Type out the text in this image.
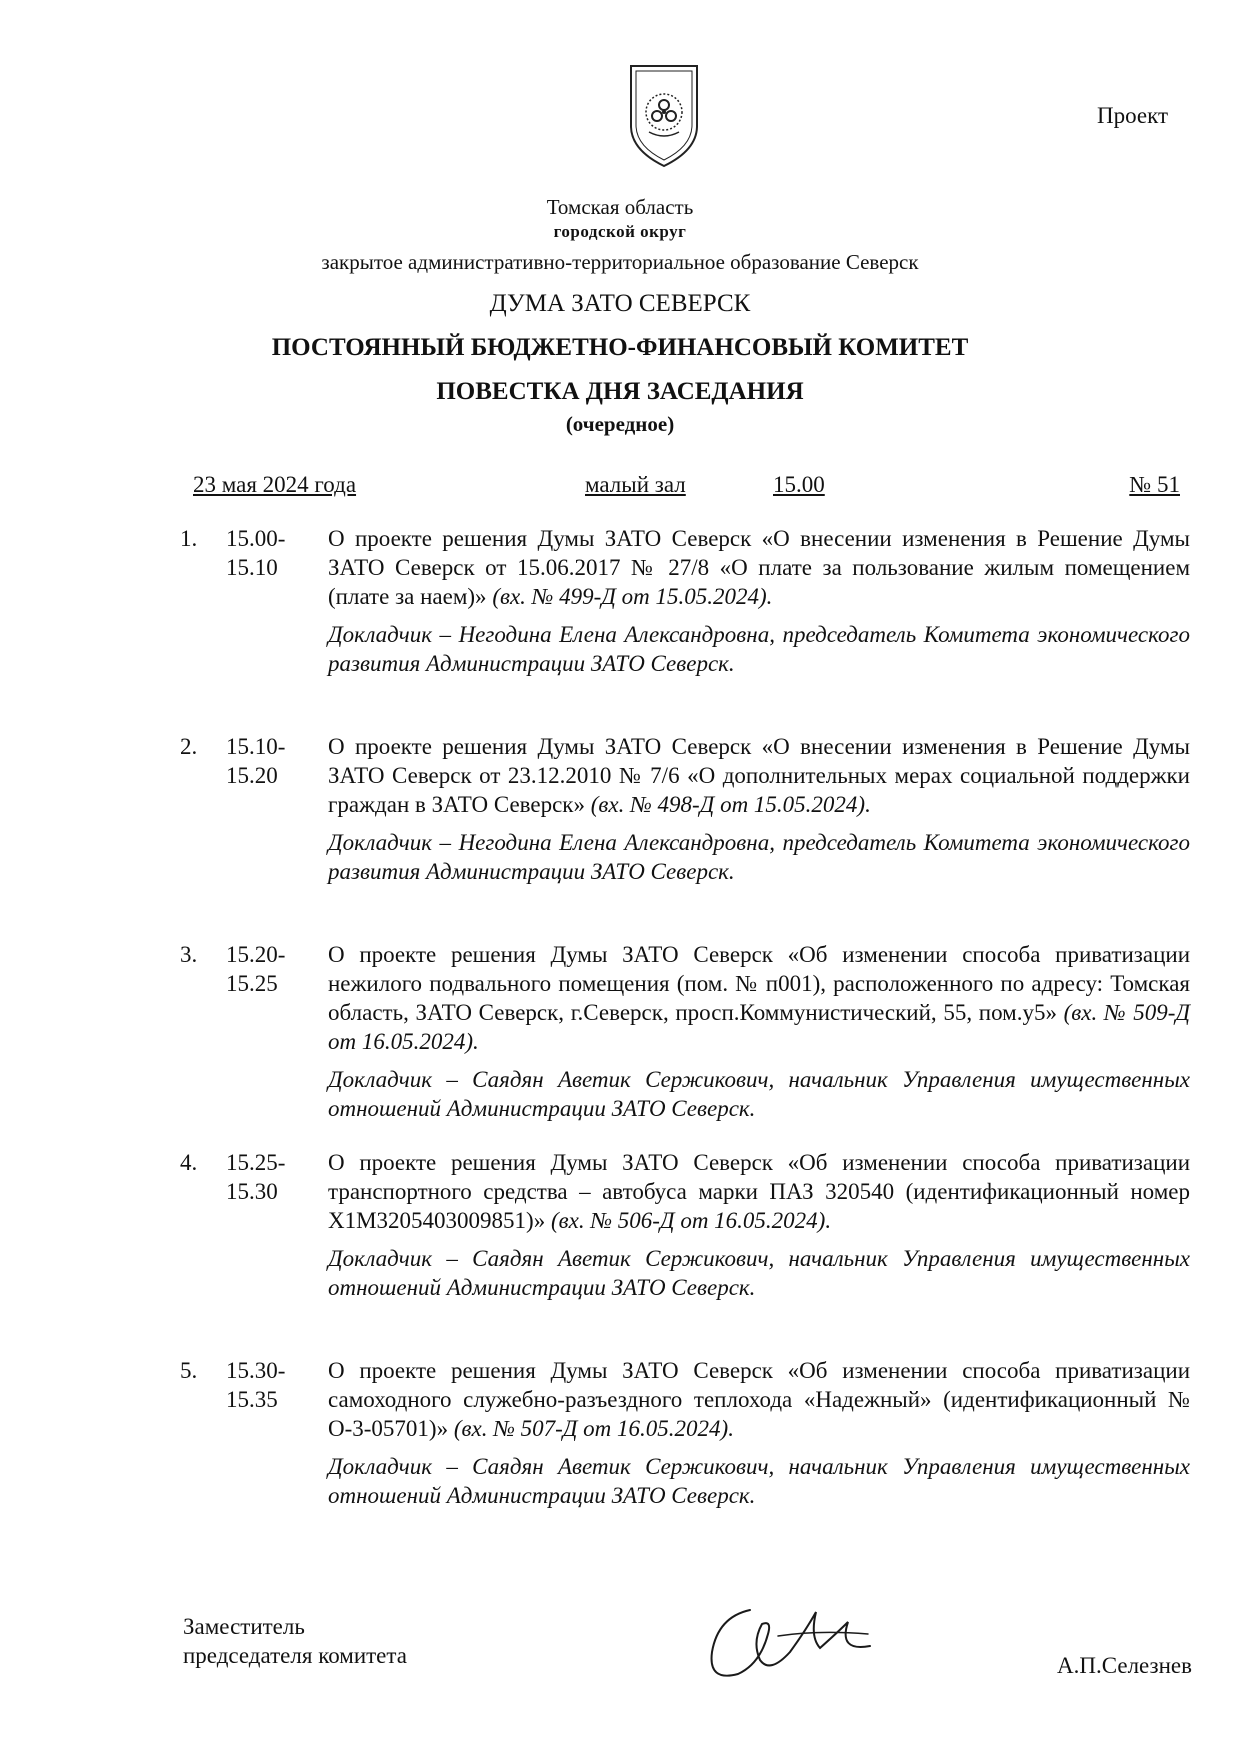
Проект
Томская область
городской округ
закрытое административно-территориальное образование Северск
ДУМА ЗАТО СЕВЕРСК
ПОСТОЯННЫЙ БЮДЖЕТНО-ФИНАНСОВЫЙ КОМИТЕТ
ПОВЕСТКА ДНЯ ЗАСЕДАНИЯ
(очередное)
23 мая 2024 года	малый зал	15.00	№ 51
1. 15.00-15.10

О проекте решения Думы ЗАТО Северск «О внесении изменения в Решение Думы ЗАТО Северск от 15.06.2017 № 27/8 «О плате за пользование жилым помещением (плате за наем)» (вх. № 499-Д от 15.05.2024).

Докладчик – Негодина Елена Александровна, председатель Комитета экономического развития Администрации ЗАТО Северск.

2. 15.10-15.20

О проекте решения Думы ЗАТО Северск «О внесении изменения в Решение Думы ЗАТО Северск от 23.12.2010 № 7/6 «О дополнительных мерах социальной поддержки граждан в ЗАТО Северск» (вх. № 498-Д от 15.05.2024).

Докладчик – Негодина Елена Александровна, председатель Комитета экономического развития Администрации ЗАТО Северск.

3. 15.20-15.25

О проекте решения Думы ЗАТО Северск «Об изменении способа приватизации нежилого подвального помещения (пом. № п001), расположенного по адресу: Томская область, ЗАТО Северск, г.Северск, просп.Коммунистический, 55, пом.у5» (вх. № 509-Д от 16.05.2024).

Докладчик – Саядян Аветик Сержикович, начальник Управления имущественных отношений Администрации ЗАТО Северск.

4. 15.25-15.30

О проекте решения Думы ЗАТО Северск «Об изменении способа приватизации транспортного средства – автобуса марки ПАЗ 320540 (идентификационный номер X1M3205403009851)» (вх. № 506-Д от 16.05.2024).

Докладчик – Саядян Аветик Сержикович, начальник Управления имущественных отношений Администрации ЗАТО Северск.

5. 15.30-15.35

О проекте решения Думы ЗАТО Северск «Об изменении способа приватизации самоходного служебно-разъездного теплохода «Надежный» (идентификационный № О-3-05701)» (вх. № 507-Д от 16.05.2024).

Докладчик – Саядян Аветик Сержикович, начальник Управления имущественных отношений Администрации ЗАТО Северск.

Заместитель
председателя комитета	А.П.Селезнев
